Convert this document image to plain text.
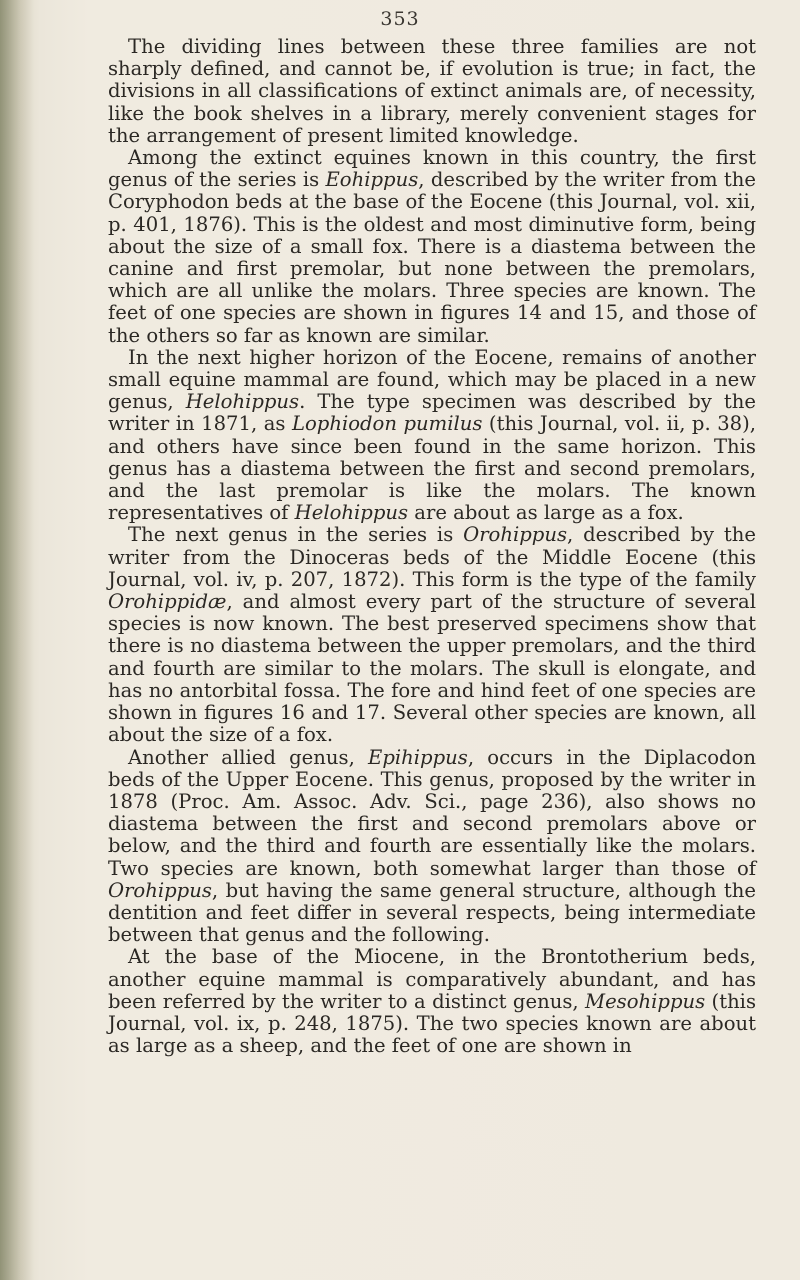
353

The dividing lines between these three families are not sharply defined, and cannot be, if evolution is true; in fact, the divisions in all classifications of extinct animals are, of necessity, like the book shelves in a library, merely convenient stages for the arrangement of present limited knowledge.

Among the extinct equines known in this country, the first genus of the series is Eohippus, described by the writer from the Coryphodon beds at the base of the Eocene (this Journal, vol. xii, p. 401, 1876). This is the oldest and most diminutive form, being about the size of a small fox. There is a diastema between the canine and first premolar, but none between the premolars, which are all unlike the molars. Three species are known. The feet of one species are shown in figures 14 and 15, and those of the others so far as known are similar.

In the next higher horizon of the Eocene, remains of another small equine mammal are found, which may be placed in a new genus, Helohippus. The type specimen was described by the writer in 1871, as Lophiodon pumilus (this Journal, vol. ii, p. 38), and others have since been found in the same horizon. This genus has a diastema between the first and second premolars, and the last premolar is like the molars. The known representatives of Helohippus are about as large as a fox.

The next genus in the series is Orohippus, described by the writer from the Dinoceras beds of the Middle Eocene (this Journal, vol. iv, p. 207, 1872). This form is the type of the family Orohippidæ, and almost every part of the structure of several species is now known. The best preserved specimens show that there is no diastema between the upper premolars, and the third and fourth are similar to the molars. The skull is elongate, and has no antorbital fossa. The fore and hind feet of one species are shown in figures 16 and 17. Several other species are known, all about the size of a fox.

Another allied genus, Epihippus, occurs in the Diplacodon beds of the Upper Eocene. This genus, proposed by the writer in 1878 (Proc. Am. Assoc. Adv. Sci., page 236), also shows no diastema between the first and second premolars above or below, and the third and fourth are essentially like the molars. Two species are known, both somewhat larger than those of Orohippus, but having the same general structure, although the dentition and feet differ in several respects, being intermediate between that genus and the following.

At the base of the Miocene, in the Brontotherium beds, another equine mammal is comparatively abundant, and has been referred by the writer to a distinct genus, Mesohippus (this Journal, vol. ix, p. 248, 1875). The two species known are about as large as a sheep, and the feet of one are shown in
